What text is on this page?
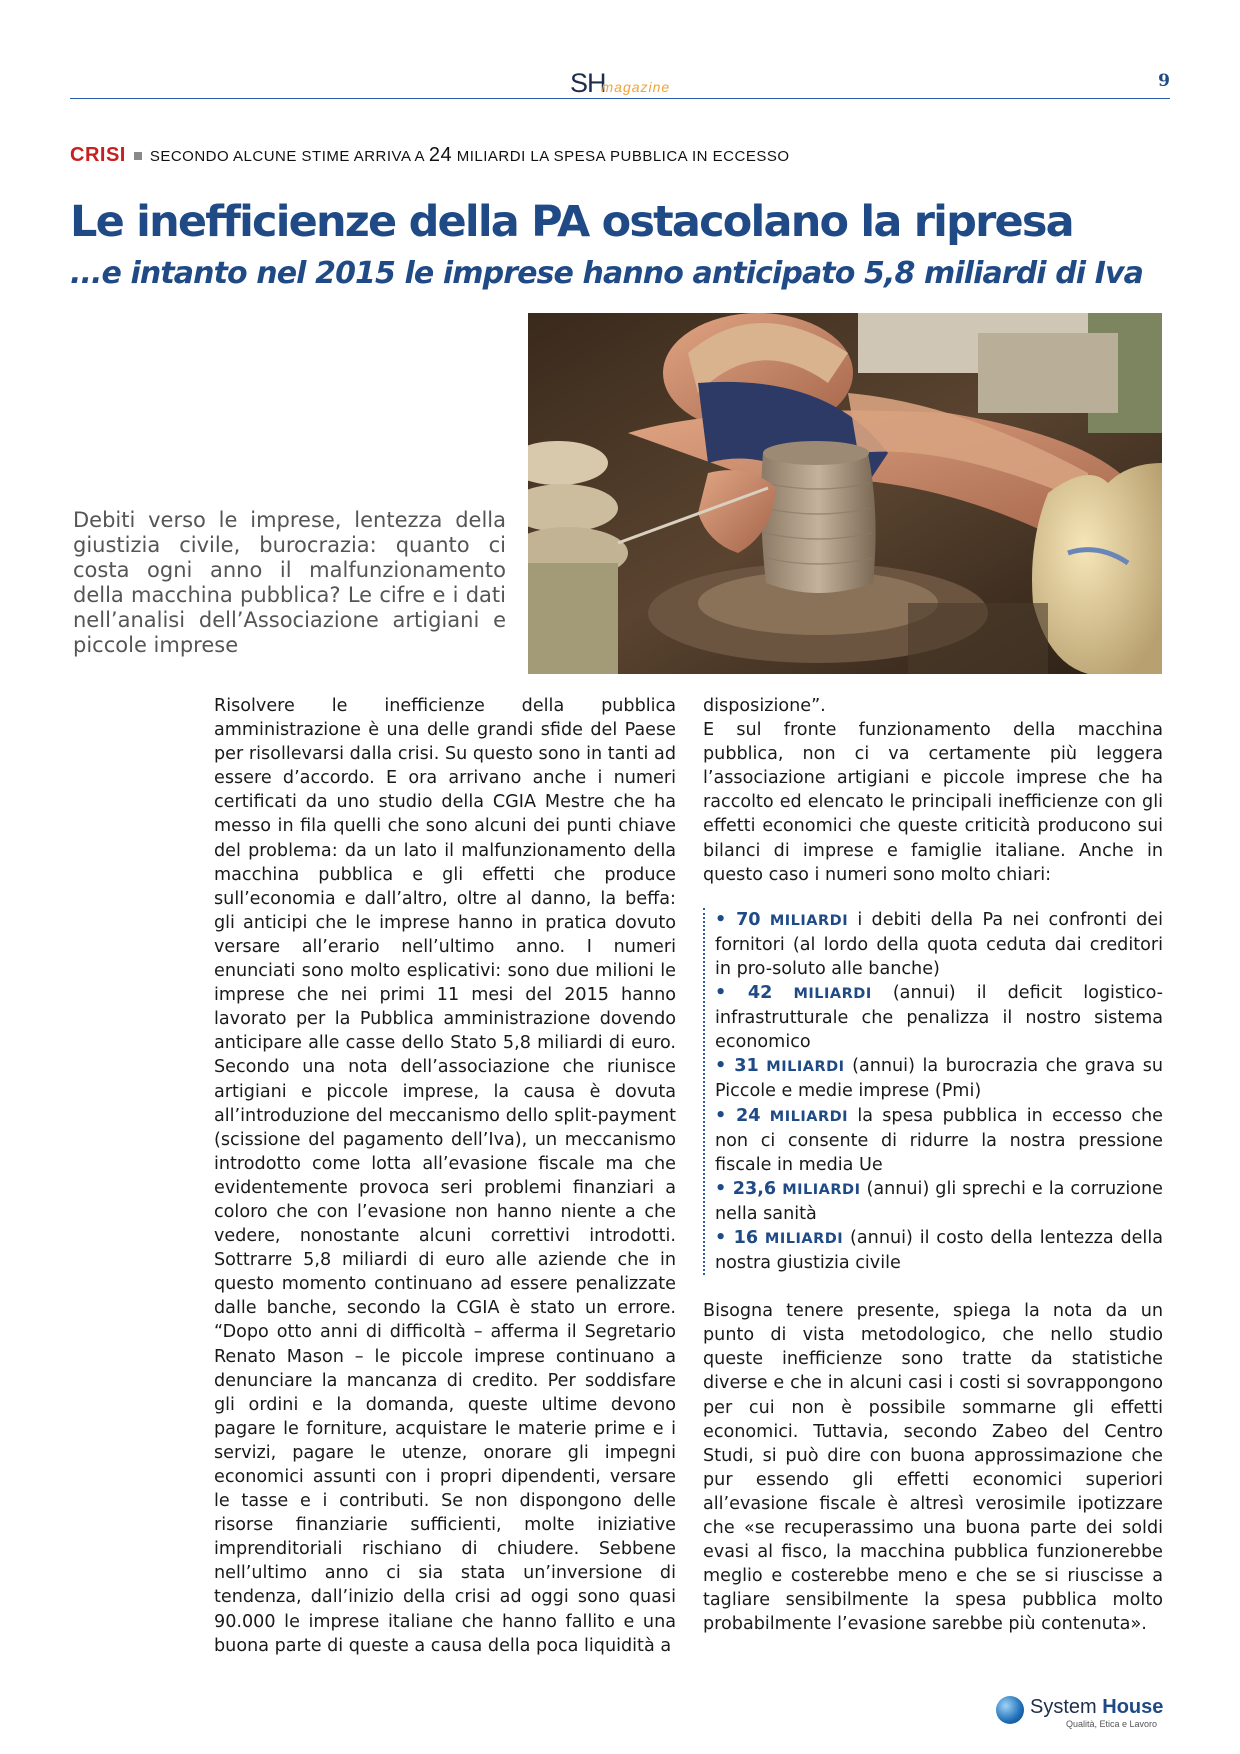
SHmagazine	9
CRISI SECONDO ALCUNE STIME ARRIVA A 24 MILIARDI LA SPESA PUBBLICA IN ECCESSO
Le inefficienze della PA ostacolano la ripresa
...e intanto nel 2015 le imprese hanno anticipato 5,8 miliardi di Iva

Debiti verso le imprese, lentezza della giustizia civile, burocrazia: quanto ci costa ogni anno il malfunzionamento della macchina pubblica? Le cifre e i dati nell’analisi dell’Associazione artigiani e piccole imprese

Risolvere le inefficienze della pubblica amministrazione è una delle grandi sfide del Paese per risollevarsi dalla crisi. Su questo sono in tanti ad essere d’accordo. E ora arrivano anche i numeri certificati da uno studio della CGIA Mestre che ha messo in fila quelli che sono alcuni dei punti chiave del problema: da un lato il malfunzionamento della macchina pubblica e gli effetti che produce sull’economia e dall’altro, oltre al danno, la beffa: gli anticipi che le imprese hanno in pratica dovuto versare all’erario nell’ultimo anno. I numeri enunciati sono molto esplicativi: sono due milioni le imprese che nei primi 11 mesi del 2015 hanno lavorato per la Pubblica amministrazione dovendo anticipare alle casse dello Stato 5,8 miliardi di euro. Secondo una nota dell’associazione che riunisce artigiani e piccole imprese, la causa è dovuta all’introduzione del meccanismo dello split-payment (scissione del pagamento dell’Iva), un meccanismo introdotto come lotta all’evasione fiscale ma che evidentemente provoca seri problemi finanziari a coloro che con l’evasione non hanno niente a che vedere, nonostante alcuni correttivi introdotti. Sottrarre 5,8 miliardi di euro alle aziende che in questo momento continuano ad essere penalizzate dalle banche, secondo la CGIA è stato un errore. “Dopo otto anni di difficoltà – afferma il Segretario Renato Mason – le piccole imprese continuano a denunciare la mancanza di credito. Per soddisfare gli ordini e la domanda, queste ultime devono pagare le forniture, acquistare le materie prime e i servizi, pagare le utenze, onorare gli impegni economici assunti con i propri dipendenti, versare le tasse e i contributi. Se non dispongono delle risorse finanziarie sufficienti, molte iniziative imprenditoriali rischiano di chiudere. Sebbene nell’ultimo anno ci sia stata un’inversione di tendenza, dall’inizio della crisi ad oggi sono quasi 90.000 le imprese italiane che hanno fallito e una buona parte di queste a causa della poca liquidità a

disposizione”.

E sul fronte funzionamento della macchina pubblica, non ci va certamente più leggera l’associazione artigiani e piccole imprese che ha raccolto ed elencato le principali inefficienze con gli effetti economici che queste criticità producono sui bilanci di imprese e famiglie italiane. Anche in questo caso i numeri sono molto chiari:

• 70 MILIARDI i debiti della Pa nei confronti dei fornitori (al lordo della quota ceduta dai creditori in pro-soluto alle banche)

• 42 MILIARDI (annui) il deficit logistico-infrastrutturale che penalizza il nostro sistema economico

• 31 MILIARDI (annui) la burocrazia che grava su Piccole e medie imprese (Pmi)

• 24 MILIARDI la spesa pubblica in eccesso che non ci consente di ridurre la nostra pressione fiscale in media Ue

• 23,6 MILIARDI (annui) gli sprechi e la corruzione nella sanità

• 16 MILIARDI (annui) il costo della lentezza della nostra giustizia civile

Bisogna tenere presente, spiega la nota da un punto di vista metodologico, che nello studio queste inefficienze sono tratte da statistiche diverse e che in alcuni casi i costi si sovrappongono per cui non è possibile sommarne gli effetti economici. Tuttavia, secondo Zabeo del Centro Studi, si può dire con buona approssimazione che pur essendo gli effetti economici superiori all’evasione fiscale è altresì verosimile ipotizzare che «se recuperassimo una buona parte dei soldi evasi al fisco, la macchina pubblica funzionerebbe meglio e costerebbe meno e che se si riuscisse a tagliare sensibilmente la spesa pubblica molto probabilmente l’evasione sarebbe più contenuta».

System House
Qualità, Etica e Lavoro
